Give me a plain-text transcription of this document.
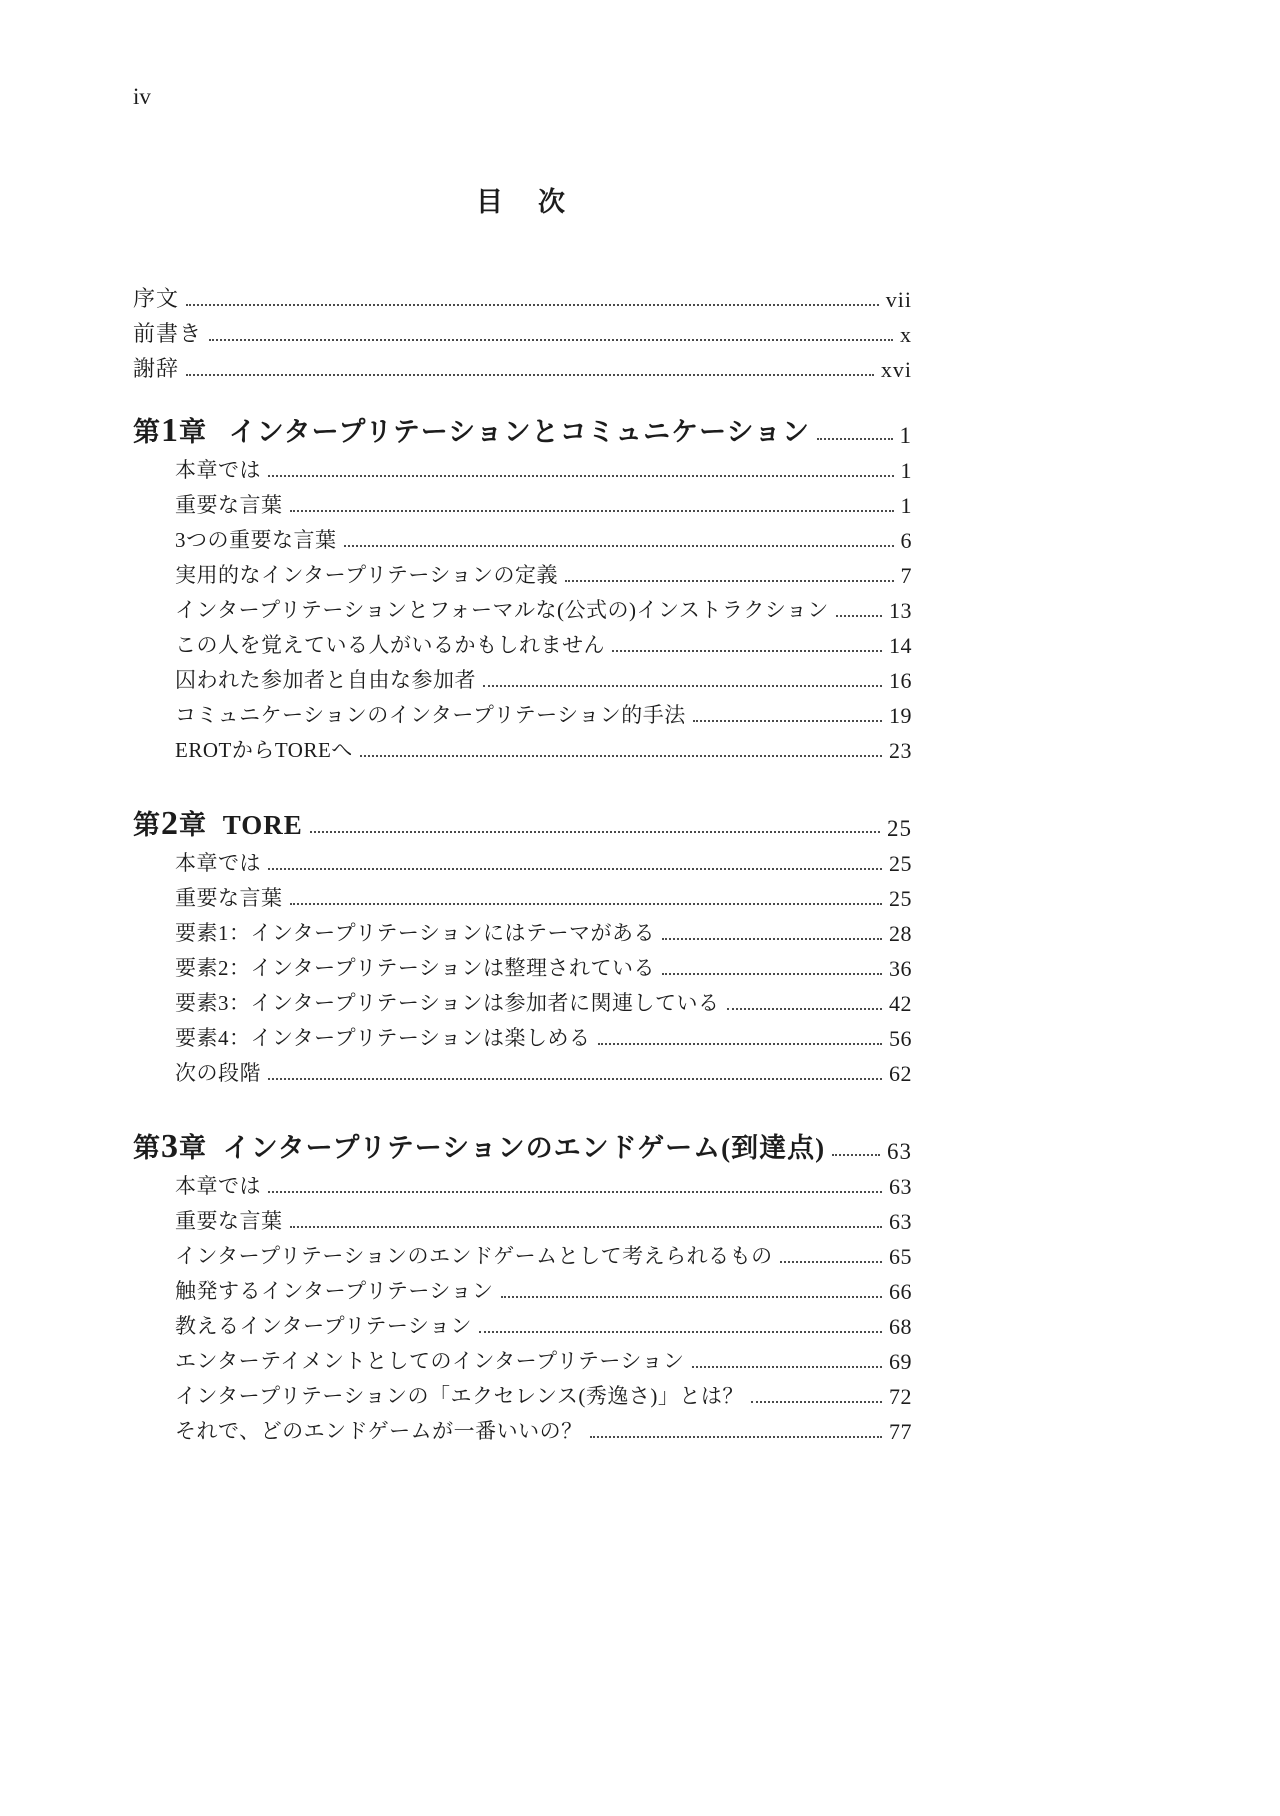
iv
目　次
序文	vii
前書き	x
謝辞	xvi
第1章 インタープリテーションとコミュニケーション	1
本章では	1
重要な言葉	1
3つの重要な言葉	6
実用的なインタープリテーションの定義	7
インタープリテーションとフォーマルな(公式の)インストラクション	13
この人を覚えている人がいるかもしれません	14
囚われた参加者と自由な参加者	16
コミュニケーションのインタープリテーション的手法	19
EROTからTOREへ	23
第2章 TORE	25
本章では	25
重要な言葉	25
要素1：インタープリテーションにはテーマがある	28
要素2：インタープリテーションは整理されている	36
要素3：インタープリテーションは参加者に関連している	42
要素4：インタープリテーションは楽しめる	56
次の段階	62
第3章 インタープリテーションのエンドゲーム(到達点)	63
本章では	63
重要な言葉	63
インタープリテーションのエンドゲームとして考えられるもの	65
触発するインタープリテーション	66
教えるインタープリテーション	68
エンターテイメントとしてのインタープリテーション	69
インタープリテーションの「エクセレンス(秀逸さ)」とは？	72
それで、どのエンドゲームが一番いいの？	77
